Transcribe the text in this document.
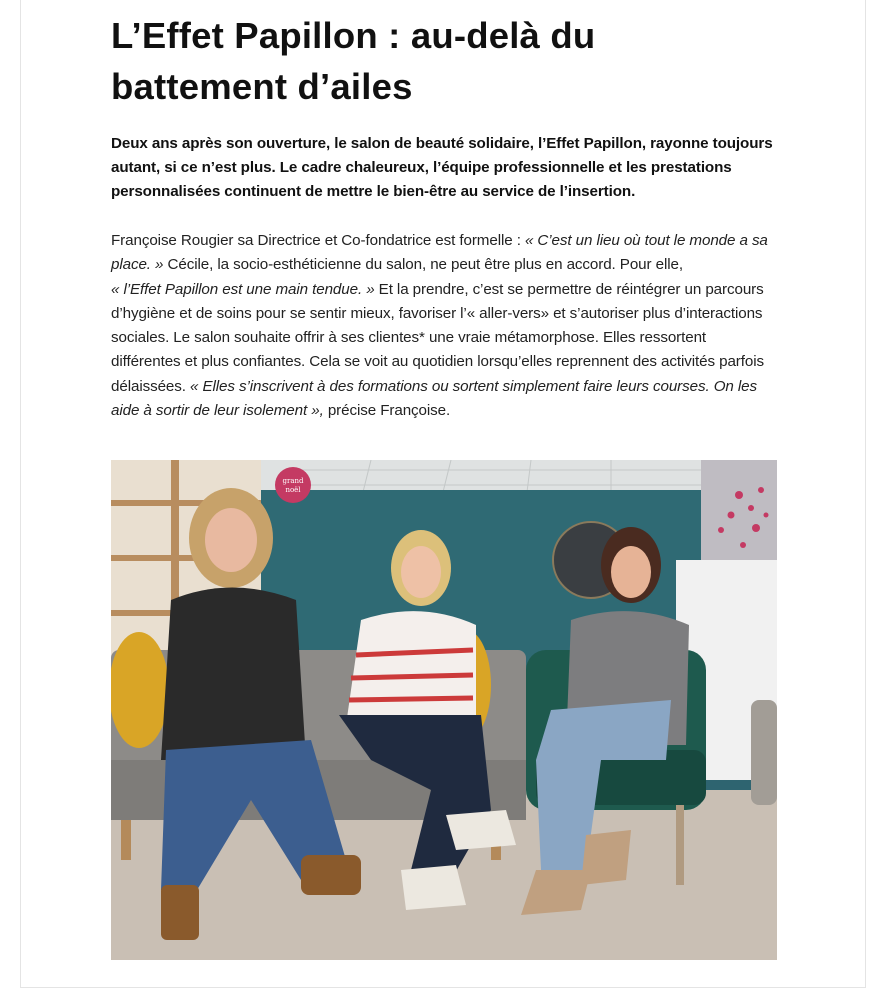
L’Effet Papillon : au-delà du
battement d’ailes

Deux ans après son ouverture, le salon de beauté solidaire, l’Effet Papillon, rayonne toujours autant, si ce n’est plus. Le cadre chaleureux, l’équipe professionnelle et les prestations personnalisées continuent de mettre le bien-être au service de l’insertion.

Françoise Rougier sa Directrice et Co-fondatrice est formelle : « C’est un lieu où tout le monde a sa place. » Cécile, la socio-esthéticienne du salon, ne peut être plus en accord. Pour elle,
« l’Effet Papillon est une main tendue. » Et la prendre, c’est se permettre de réintégrer un parcours d’hygiène et de soins pour se sentir mieux, favoriser l’« aller-vers» et s’autoriser plus d’interactions sociales. Le salon souhaite offrir à ses clientes* une vraie métamorphose. Elles ressortent différentes et plus confiantes. Cela se voit au quotidien lorsqu’elles reprennent des activités parfois délaissées. « Elles s’inscrivent à des formations ou sortent simplement faire leurs courses. On les aide à sortir de leur isolement », précise Françoise.

grand
noël
